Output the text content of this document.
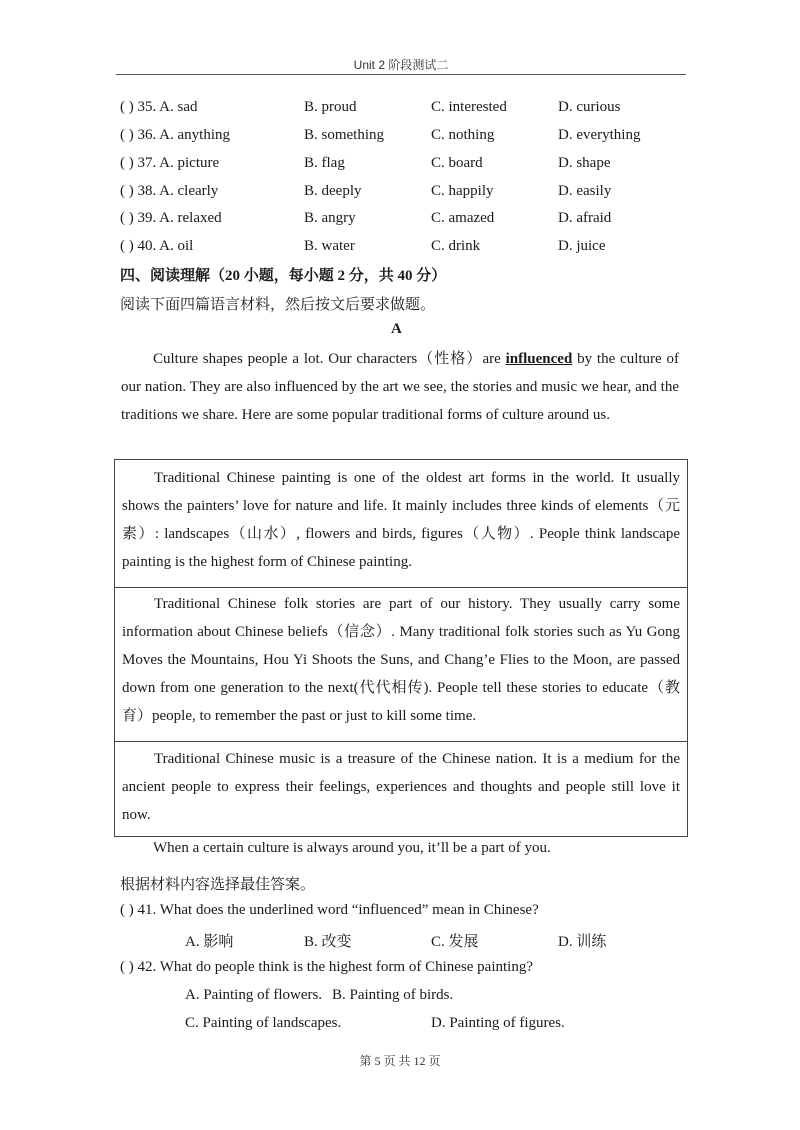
Unit 2 阶段测试二
( ) 35. A. sad	B. proud	C. interested	D. curious
( ) 36. A. anything	B. something	C. nothing	D. everything
( ) 37. A. picture	B. flag	C. board	D. shape
( ) 38. A. clearly	B. deeply	C. happily	D. easily
( ) 39. A. relaxed	B. angry	C. amazed	D. afraid
( ) 40. A. oil	B. water	C. drink	D. juice
四、阅读理解（20 小题，每小题 2 分，共 40 分）
阅读下面四篇语言材料，然后按文后要求做题。
A

Culture shapes people a lot. Our characters（性格）are influenced by the culture of our nation. They are also influenced by the art we see, the stories and music we hear, and the traditions we share. Here are some popular traditional forms of culture around us.

Traditional Chinese painting is one of the oldest art forms in the world. It usually shows the painters’ love for nature and life. It mainly includes three kinds of elements（元素）: landscapes（山水）, flowers and birds, figures（人物）. People think landscape painting is the highest form of Chinese painting.

Traditional Chinese folk stories are part of our history. They usually carry some information about Chinese beliefs（信念）. Many traditional folk stories such as Yu Gong Moves the Mountains, Hou Yi Shoots the Suns, and Chang’e Flies to the Moon, are passed down from one generation to the next(代代相传). People tell these stories to educate（教育）people, to remember the past or just to kill some time.

Traditional Chinese music is a treasure of the Chinese nation. It is a medium for the ancient people to express their feelings, experiences and thoughts and people still love it now.

When a certain culture is always around you, it’ll be a part of you.

根据材料内容选择最佳答案。
( ) 41. What does the underlined word “influenced” mean in Chinese?
A. 影响	B. 改变	C. 发展	D. 训练
( ) 42. What do people think is the highest form of Chinese painting?
A. Painting of flowers. B. Painting of birds.
C. Painting of landscapes.	D. Painting of figures.
第 5 页 共 12 页
